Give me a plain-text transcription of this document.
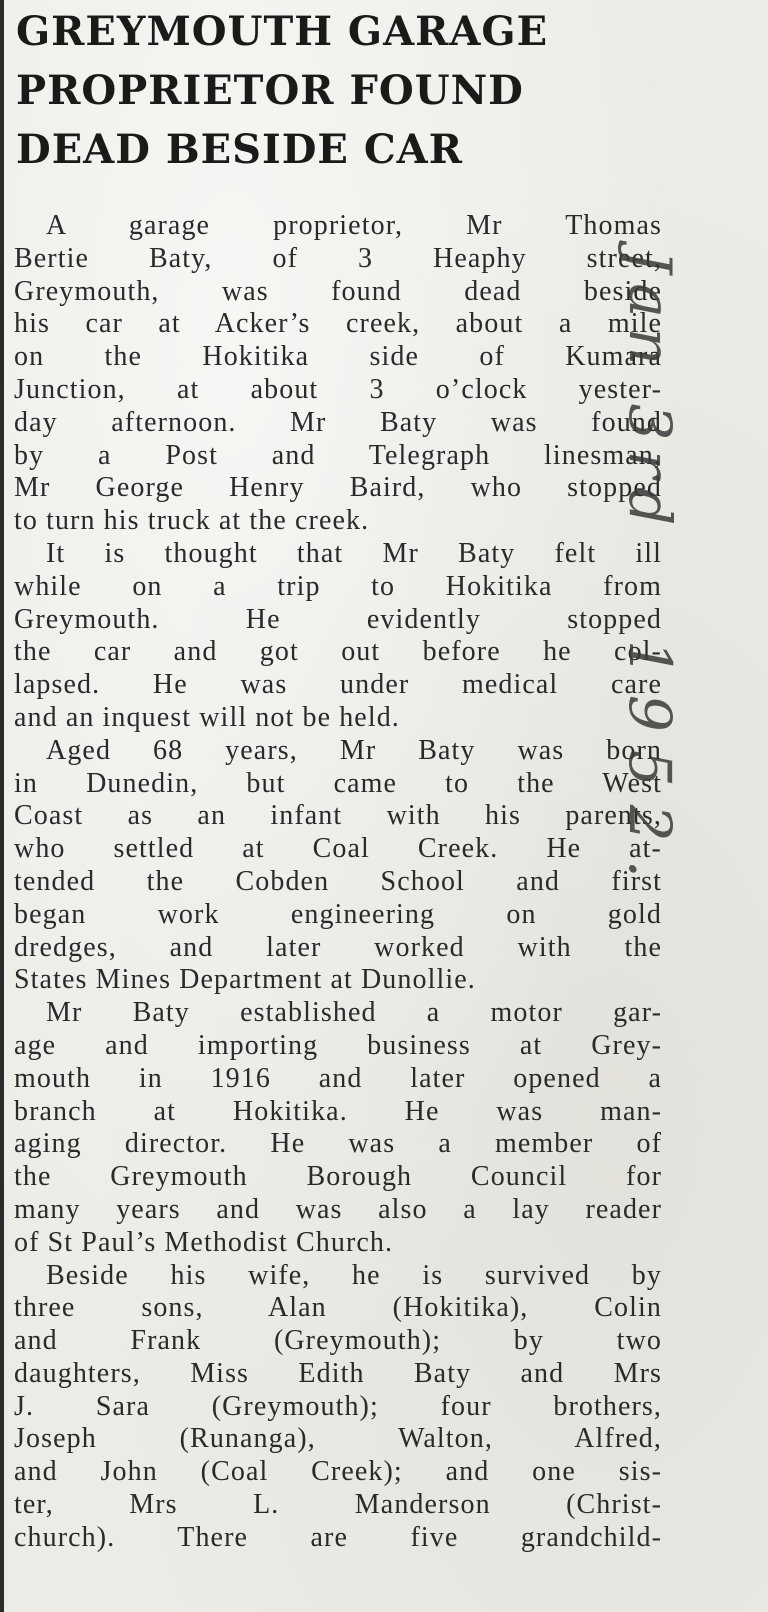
GREYMOUTH GARAGE
PROPRIETOR FOUND
DEAD BESIDE CAR
A garage proprietor, Mr Thomas
Bertie Baty, of 3 Heaphy street,
Greymouth, was found dead beside
his car at Acker’s creek, about a mile
on the Hokitika side of Kumara
Junction, at about 3 o’clock yester-
day afternoon. Mr Baty was found
by a Post and Telegraph linesman,
Mr George Henry Baird, who stopped
to turn his truck at the creek.
It is thought that Mr Baty felt ill
while on a trip to Hokitika from
Greymouth. He evidently stopped
the car and got out before he col-
lapsed. He was under medical care
and an inquest will not be held.
Aged 68 years, Mr Baty was born
in Dunedin, but came to the West
Coast as an infant with his parents,
who settled at Coal Creek. He at-
tended the Cobden School and first
began work engineering on gold
dredges, and later worked with the
States Mines Department at Dunollie.
Mr Baty established a motor gar-
age and importing business at Grey-
mouth in 1916 and later opened a
branch at Hokitika. He was man-
aging director. He was a member of
the Greymouth Borough Council for
many years and was also a lay reader
of St Paul’s Methodist Church.
Beside his wife, he is survived by
three sons, Alan (Hokitika), Colin
and Frank (Greymouth); by two
daughters, Miss Edith Baty and Mrs
J. Sara (Greymouth); four brothers,
Joseph (Runanga), Walton, Alfred,
and John (Coal Creek); and one sis-
ter, Mrs L. Manderson (Christ-
church). There are five grandchild-
Jan 3rd
1952.
